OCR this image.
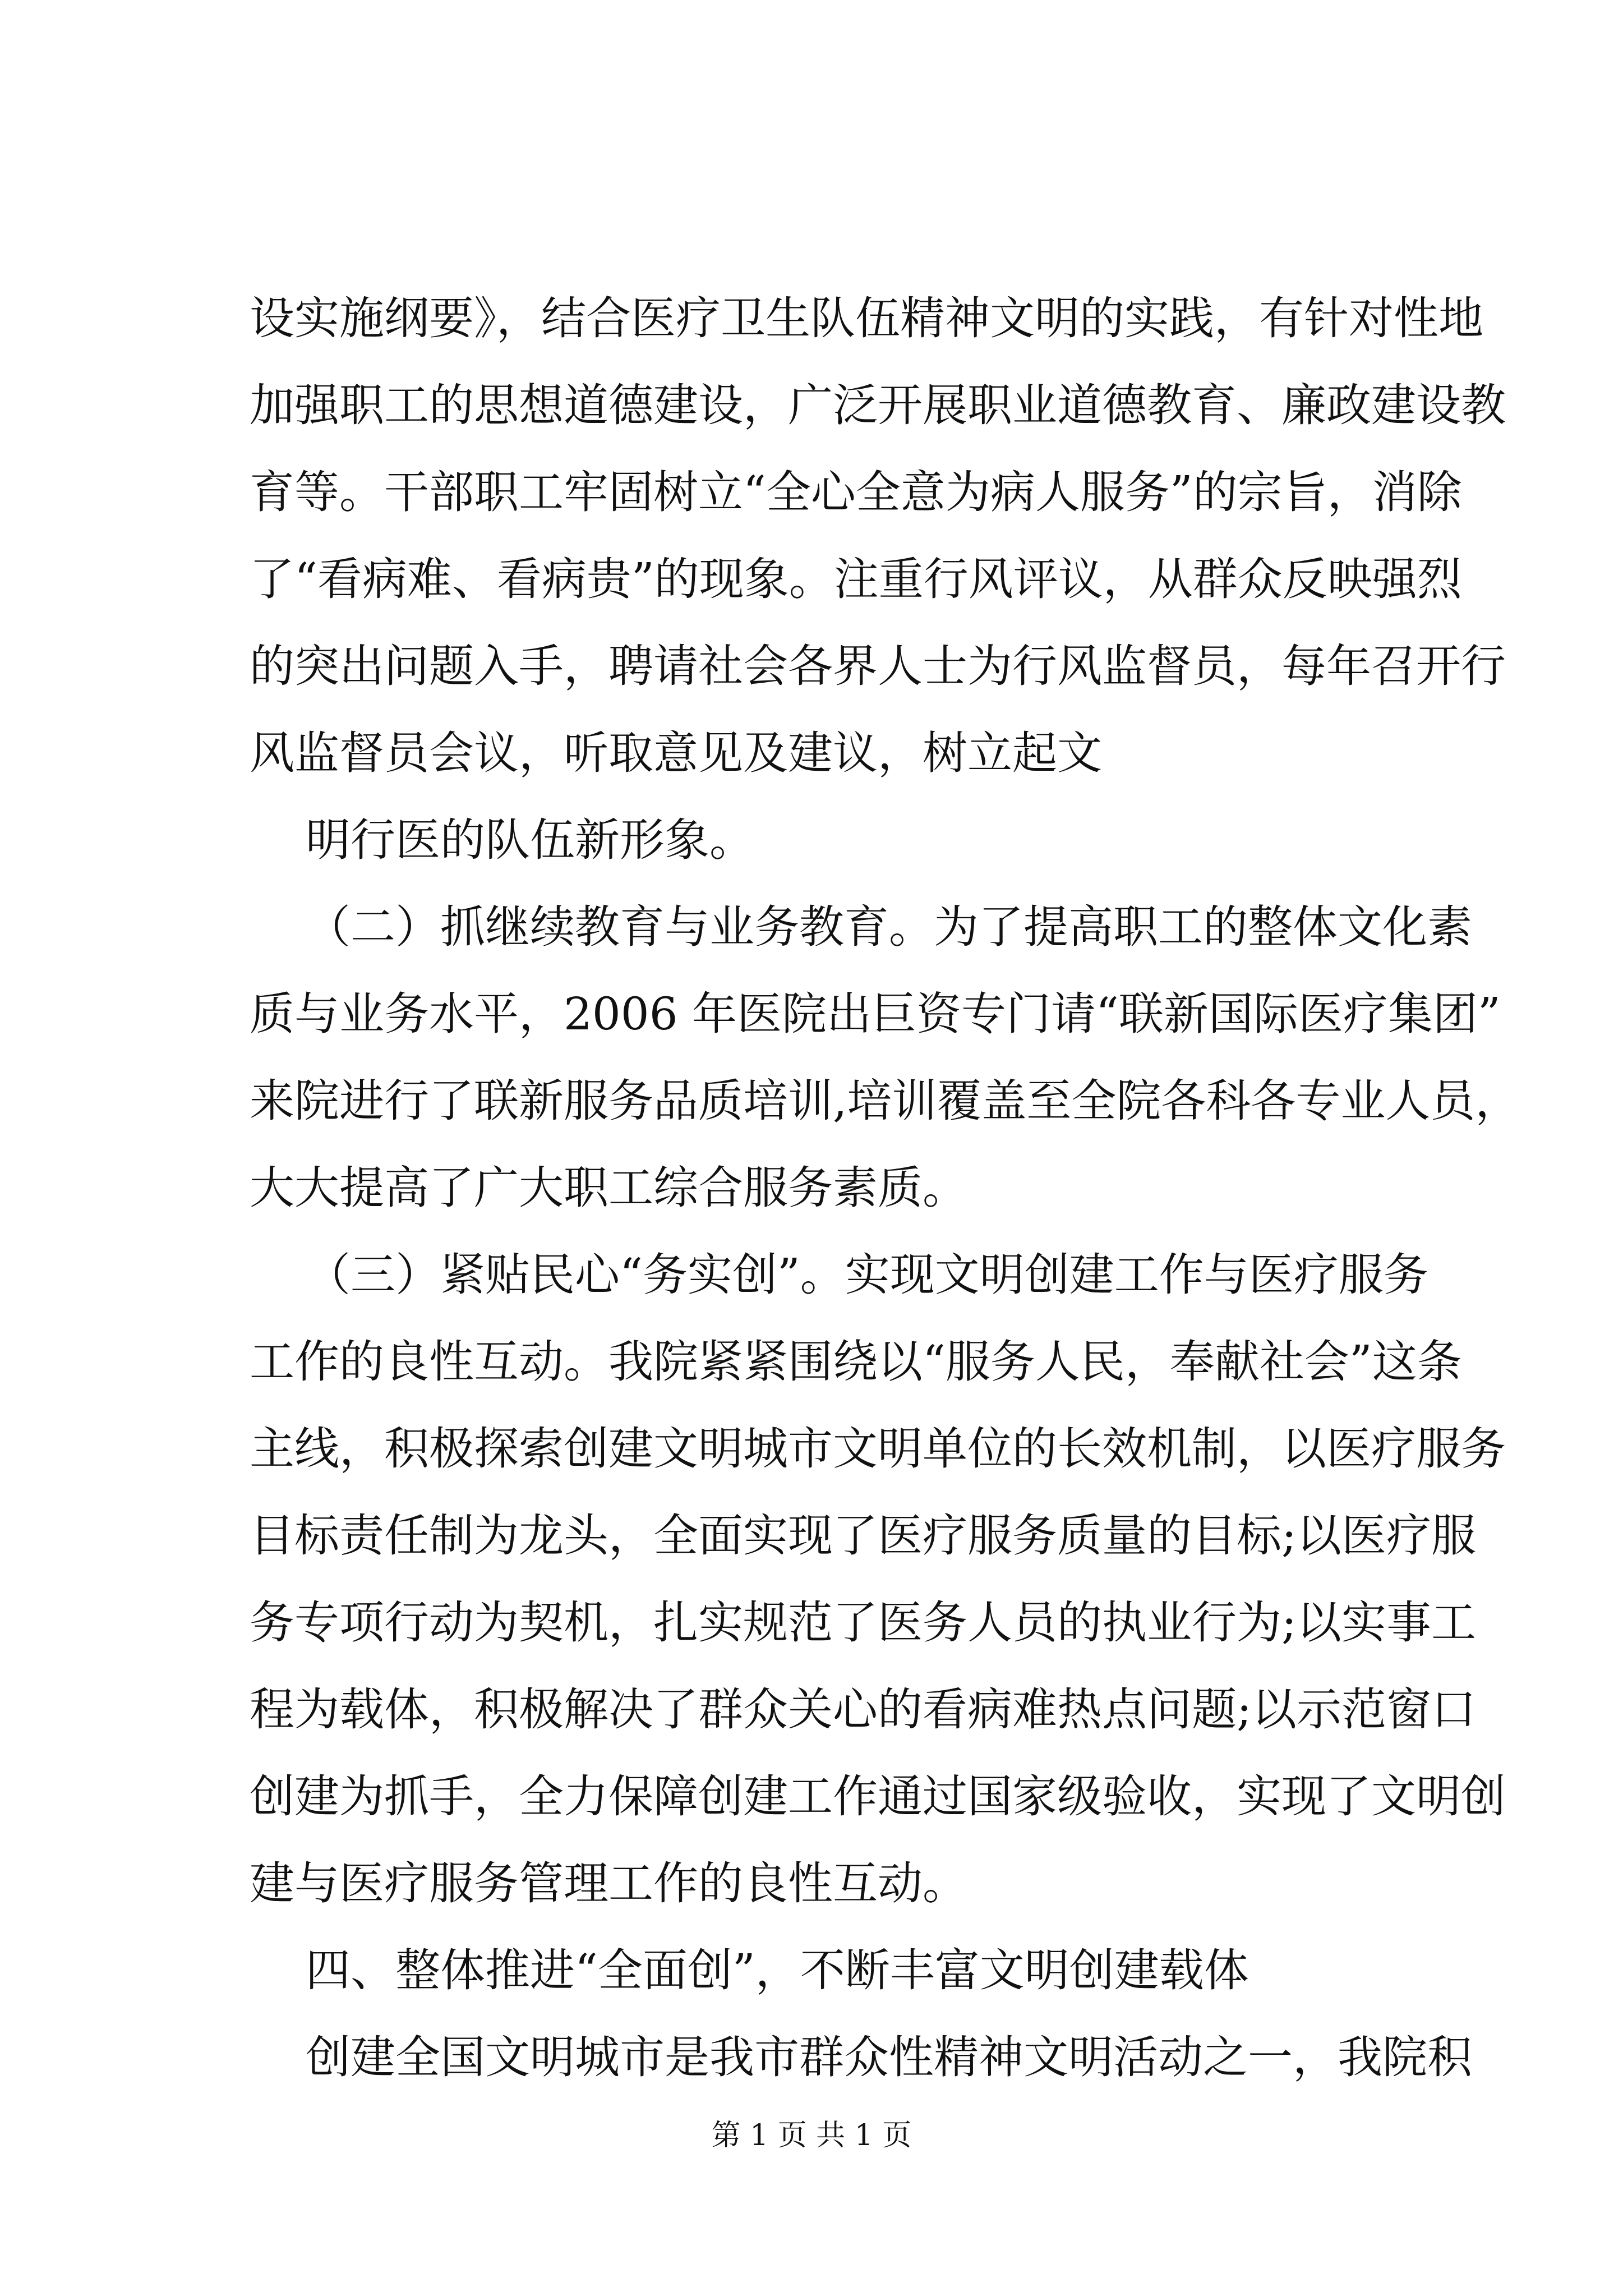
设实施纲要》，结合医疗卫生队伍精神文明的实践，有针对性地
加强职工的思想道德建设，广泛开展职业道德教育、廉政建设教
育等。干部职工牢固树立“全心全意为病人服务”的宗旨，消除
了“看病难、看病贵”的现象。注重行风评议，从群众反映强烈
的突出问题入手，聘请社会各界人士为行风监督员，每年召开行
风监督员会议，听取意见及建议，树立起文
明行医的队伍新形象。
（二）抓继续教育与业务教育。为了提高职工的整体文化素
质与业务水平，2006 年医院出巨资专门请“联新国际医疗集团”
来院进行了联新服务品质培训,培训覆盖至全院各科各专业人员，
大大提高了广大职工综合服务素质。
（三）紧贴民心“务实创”。实现文明创建工作与医疗服务
工作的良性互动。我院紧紧围绕以“服务人民，奉献社会”这条
主线，积极探索创建文明城市文明单位的长效机制，以医疗服务
目标责任制为龙头，全面实现了医疗服务质量的目标;以医疗服
务专项行动为契机，扎实规范了医务人员的执业行为;以实事工
程为载体，积极解决了群众关心的看病难热点问题;以示范窗口
创建为抓手，全力保障创建工作通过国家级验收，实现了文明创
建与医疗服务管理工作的良性互动。
四、整体推进“全面创”，不断丰富文明创建载体
创建全国文明城市是我市群众性精神文明活动之一，我院积
第 1 页 共 1 页
